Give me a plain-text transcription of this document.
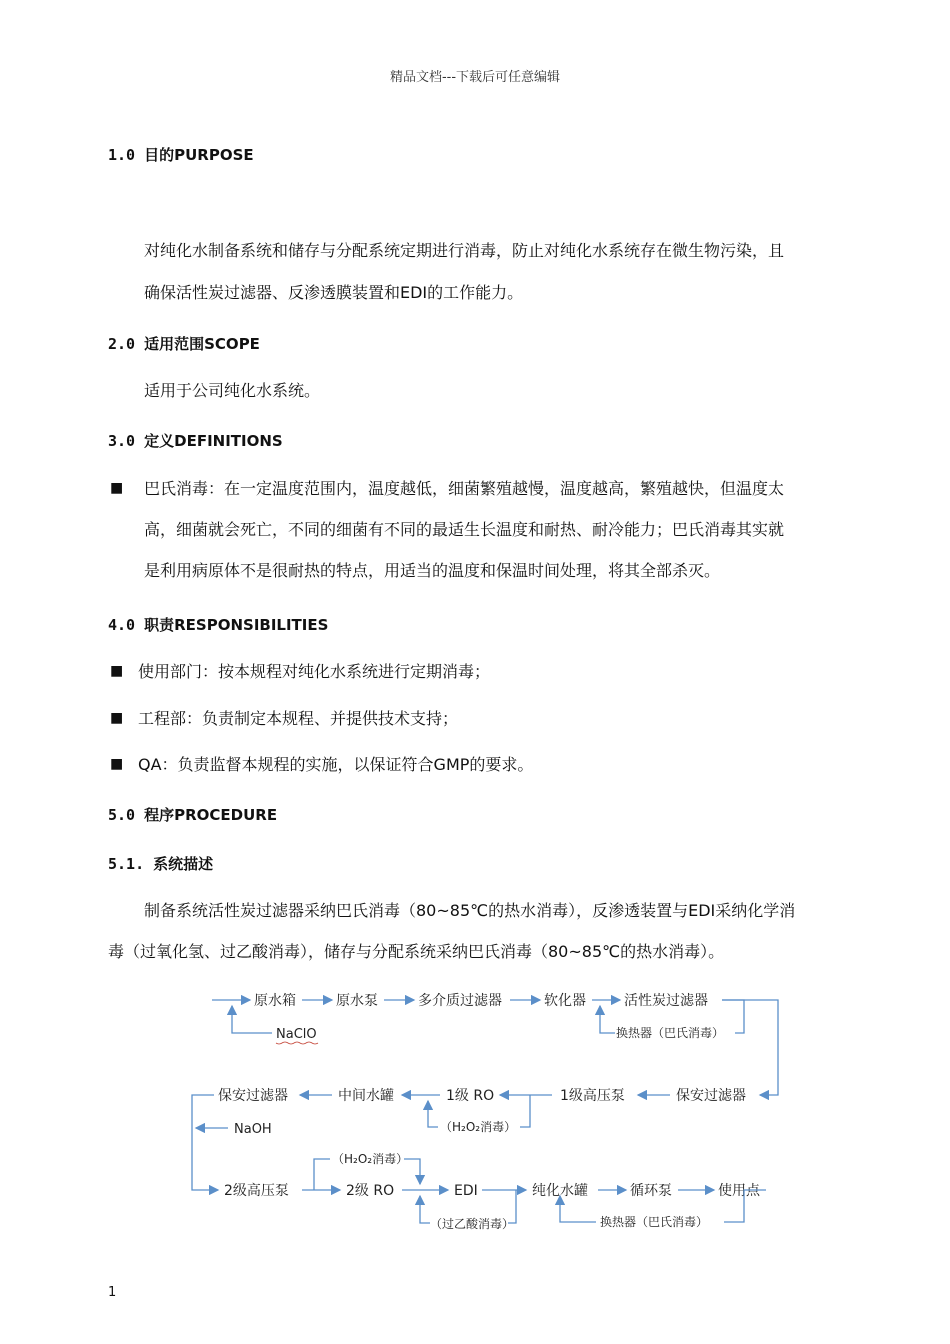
精品文档---下载后可任意编辑
1.0 目的PURPOSE
对纯化水制备系统和储存与分配系统定期进行消毒，防止对纯化水系统存在微生物污染，且
确保活性炭过滤器、反渗透膜装置和EDI的工作能力。
2.0 适用范围SCOPE
适用于公司纯化水系统。
3.0 定义DEFINITIONS
■ 巴氏消毒：在一定温度范围内，温度越低，细菌繁殖越慢，温度越高，繁殖越快，但温度太
高，细菌就会死亡，不同的细菌有不同的最适生长温度和耐热、耐冷能力；巴氏消毒其实就
是利用病原体不是很耐热的特点，用适当的温度和保温时间处理，将其全部杀灭。
4.0 职责RESPONSIBILITIES
■ 使用部门：按本规程对纯化水系统进行定期消毒；
■ 工程部：负责制定本规程、并提供技术支持；
■ QA：负责监督本规程的实施，以保证符合GMP的要求。
5.0 程序PROCEDURE
5.1. 系统描述
制备系统活性炭过滤器采纳巴氏消毒（80~85℃的热水消毒），反渗透装置与EDI采纳化学消
毒（过氧化氢、过乙酸消毒），储存与分配系统采纳巴氏消毒（80~85℃的热水消毒）。
原水箱	原水泵	多介质过滤器	软化器	活性炭过滤器
NaClO	换热器（巴氏消毒）
保安过滤器
1级高压泵
1级 RO
中间水罐
保安过滤器
（H₂O₂消毒）
NaOH
2级高压泵	2级 RO	EDI	纯化水罐	循环泵	使用点
（H₂O₂消毒）
（过乙酸消毒）	换热器（巴氏消毒）
1
